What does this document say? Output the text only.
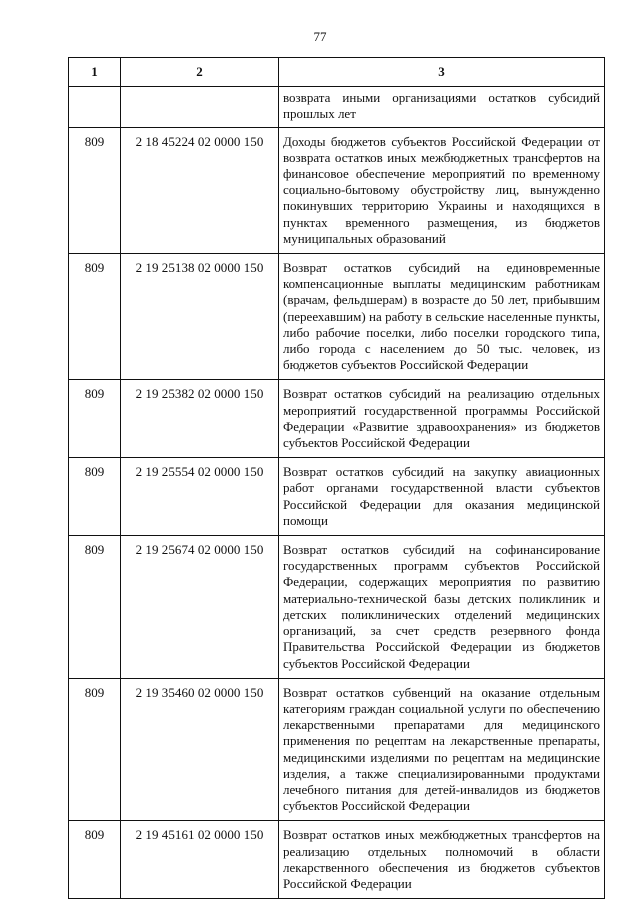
77
1	2	3
		возврата иными организациями остатков субсидий прошлых лет
809	2 18 45224 02 0000 150	Доходы бюджетов субъектов Российской Федерации от возврата остатков иных межбюджетных трансфертов на финансовое обеспечение мероприятий по временному социально-бытовому обустройству лиц, вынужденно покинувших территорию Украины и находящихся в пунктах временного размещения, из бюджетов муниципальных образований
809	2 19 25138 02 0000 150	Возврат остатков субсидий на единовременные компенсационные выплаты медицинским работникам (врачам, фельдшерам) в возрасте до 50 лет, прибывшим (переехавшим) на работу в сельские населенные пункты, либо рабочие поселки, либо поселки городского типа, либо города с населением до 50 тыс. человек, из бюджетов субъектов Российской Федерации
809	2 19 25382 02 0000 150	Возврат остатков субсидий на реализацию отдельных мероприятий государственной программы Российской Федерации «Развитие здравоохранения» из бюджетов субъектов Российской Федерации
809	2 19 25554 02 0000 150	Возврат остатков субсидий на закупку авиационных работ органами государственной власти субъектов Российской Федерации для оказания медицинской помощи
809	2 19 25674 02 0000 150	Возврат остатков субсидий на софинансирование государственных программ субъектов Российской Федерации, содержащих мероприятия по развитию материально-технической базы детских поликлиник и детских поликлинических отделений медицинских организаций, за счет средств резервного фонда Правительства Российской Федерации из бюджетов субъектов Российской Федерации
809	2 19 35460 02 0000 150	Возврат остатков субвенций на оказание отдельным категориям граждан социальной услуги по обеспечению лекарственными препаратами для медицинского применения по рецептам на лекарственные препараты, медицинскими изделиями по рецептам на медицинские изделия, а также специализированными продуктами лечебного питания для детей-инвалидов из бюджетов субъектов Российской Федерации
809	2 19 45161 02 0000 150	Возврат остатков иных межбюджетных трансфертов на реализацию отдельных полномочий в области лекарственного обеспечения из бюджетов субъектов Российской Федерации
